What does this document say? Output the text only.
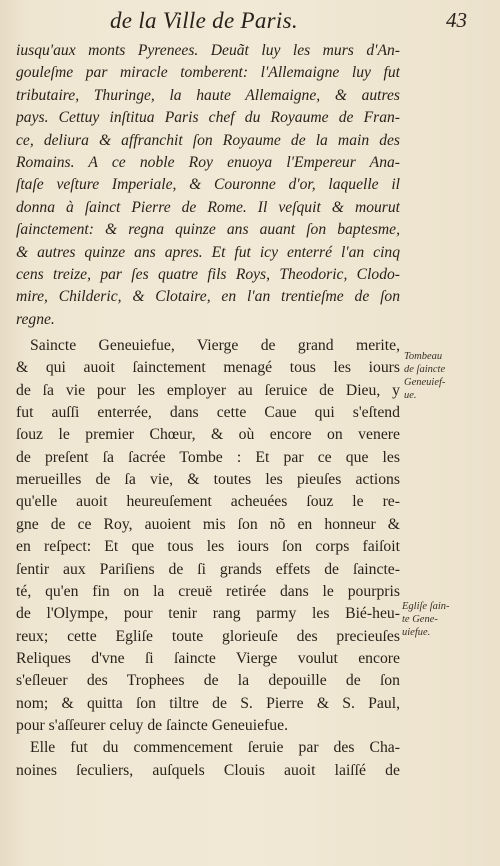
de la Ville de Paris.	43
iusqu'aux monts Pyrenees. Deuãt luy les murs d'An-
gouleſme par miracle tomberent: l'Allemaigne luy fut
tributaire, Thuringe, la haute Allemaigne, & autres
pays. Cettuy inſtitua Paris chef du Royaume de Fran-
ce, deliura & affranchit ſon Royaume de la main des
Romains. A ce noble Roy enuoya l'Empereur Ana-
ſtaſe veſture Imperiale, & Couronne d'or, laquelle il
donna à ſainct Pierre de Rome. Il veſquit & mourut
ſainctement: & regna quinze ans auant ſon baptesme,
& autres quinze ans apres. Et fut icy enterré l'an cinq
cens treize, par ſes quatre fils Roys, Theodoric, Clodo-
mire, Childeric, & Clotaire, en l'an trentieſme de ſon
regne.
Saincte Geneuiefue, Vierge de grand merite,
& qui auoit ſainctement menagé tous les iours
de ſa vie pour les employer au ſeruice de Dieu, y
fut auſſi enterrée, dans cette Caue qui s'eſtend
ſouz le premier Chœur, & où encore on venere
de preſent ſa ſacrée Tombe : Et par ce que les
merueilles de ſa vie, & toutes les pieuſes actions
qu'elle auoit heureuſement acheuées ſouz le re-
gne de ce Roy, auoient mis ſon nõ en honneur &
en reſpect: Et que tous les iours ſon corps faiſoit
ſentir aux Pariſiens de ſi grands effets de ſaincte-
té, qu'en fin on la creuë retirée dans le pourpris
de l'Olympe, pour tenir rang parmy les Bié-heu-
reux; cette Egliſe toute glorieuſe des precieuſes
Reliques d'vne ſi ſaincte Vierge voulut encore
s'eſleuer des Trophees de la depouille de ſon
nom; & quitta ſon tiltre de S. Pierre & S. Paul,
pour s'aſſeurer celuy de ſaincte Geneuiefue.
Elle fut du commencement ſeruie par des Cha-
noines ſeculiers, auſquels Clouis auoit laiſſé de
Tombeau
de ſaincte
Geneuief-
ue.
Egliſe ſain-
te Gene-
uiefue.
